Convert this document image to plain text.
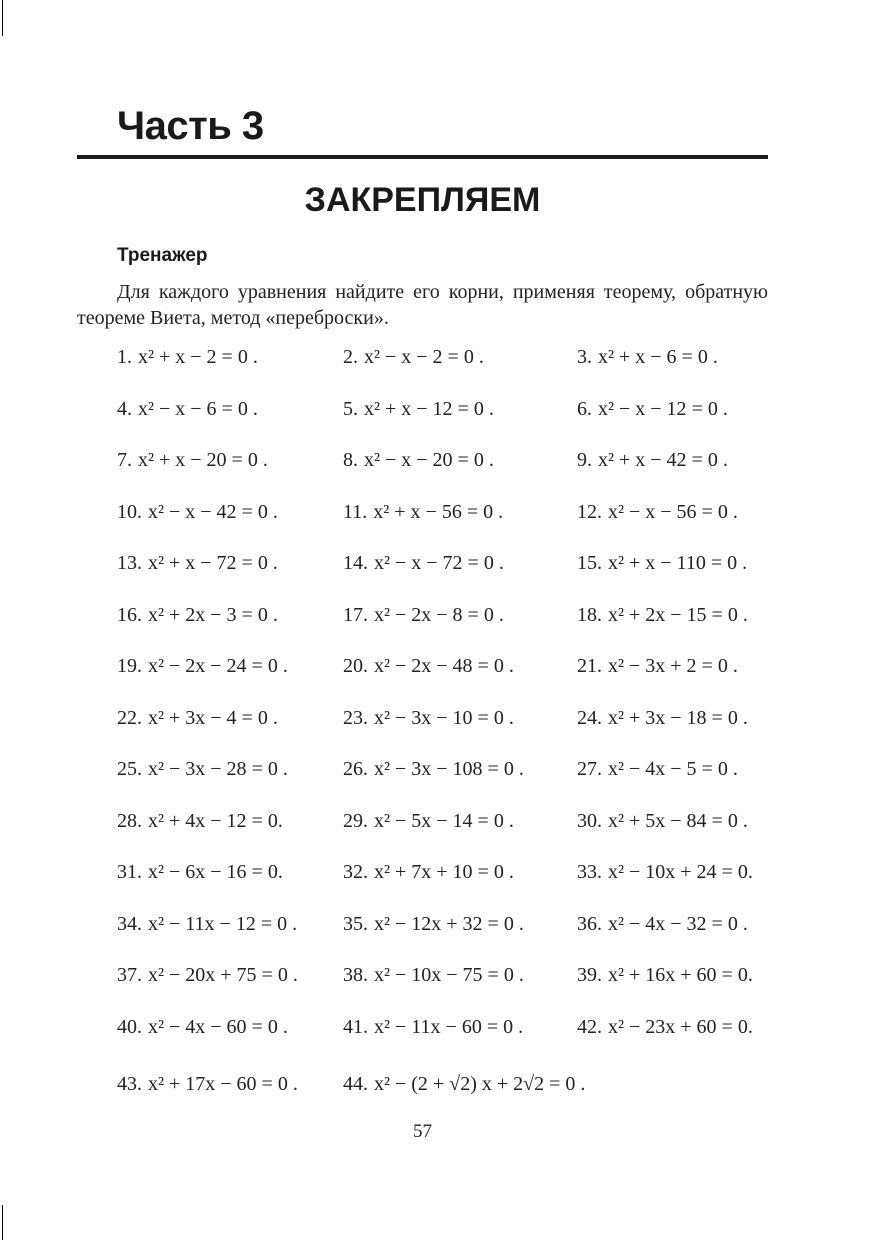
Часть 3
ЗАКРЕПЛЯЕМ
Тренажер
Для каждого уравнения найдите его корни, применяя теорему, обратную теореме Виета, метод «переброски».
1. x² + x − 2 = 0 .	2. x² − x − 2 = 0 .	3. x² + x − 6 = 0 .
4. x² − x − 6 = 0 .	5. x² + x − 12 = 0 .	6. x² − x − 12 = 0 .
7. x² + x − 20 = 0 .	8. x² − x − 20 = 0 .	9. x² + x − 42 = 0 .
10. x² − x − 42 = 0 .	11. x² + x − 56 = 0 .	12. x² − x − 56 = 0 .
13. x² + x − 72 = 0 .	14. x² − x − 72 = 0 .	15. x² + x − 110 = 0 .
16. x² + 2x − 3 = 0 .	17. x² − 2x − 8 = 0 .	18. x² + 2x − 15 = 0 .
19. x² − 2x − 24 = 0 .	20. x² − 2x − 48 = 0 .	21. x² − 3x + 2 = 0 .
22. x² + 3x − 4 = 0 .	23. x² − 3x − 10 = 0 .	24. x² + 3x − 18 = 0 .
25. x² − 3x − 28 = 0 .	26. x² − 3x − 108 = 0 .	27. x² − 4x − 5 = 0 .
28. x² + 4x − 12 = 0.	29. x² − 5x − 14 = 0 .	30. x² + 5x − 84 = 0 .
31. x² − 6x − 16 = 0.	32. x² + 7x + 10 = 0 .	33. x² − 10x + 24 = 0.
34. x² − 11x − 12 = 0 . 35. x² − 12x + 32 = 0 .	36. x² − 4x − 32 = 0 .
37. x² − 20x + 75 = 0 . 38. x² − 10x − 75 = 0 .	39. x² + 16x + 60 = 0.
40. x² − 4x − 60 = 0 .	41. x² − 11x − 60 = 0 .	42. x² − 23x + 60 = 0.
43. x² + 17x − 60 = 0 . 44. x² − (2 + √2) x + 2√2 = 0 .
57
